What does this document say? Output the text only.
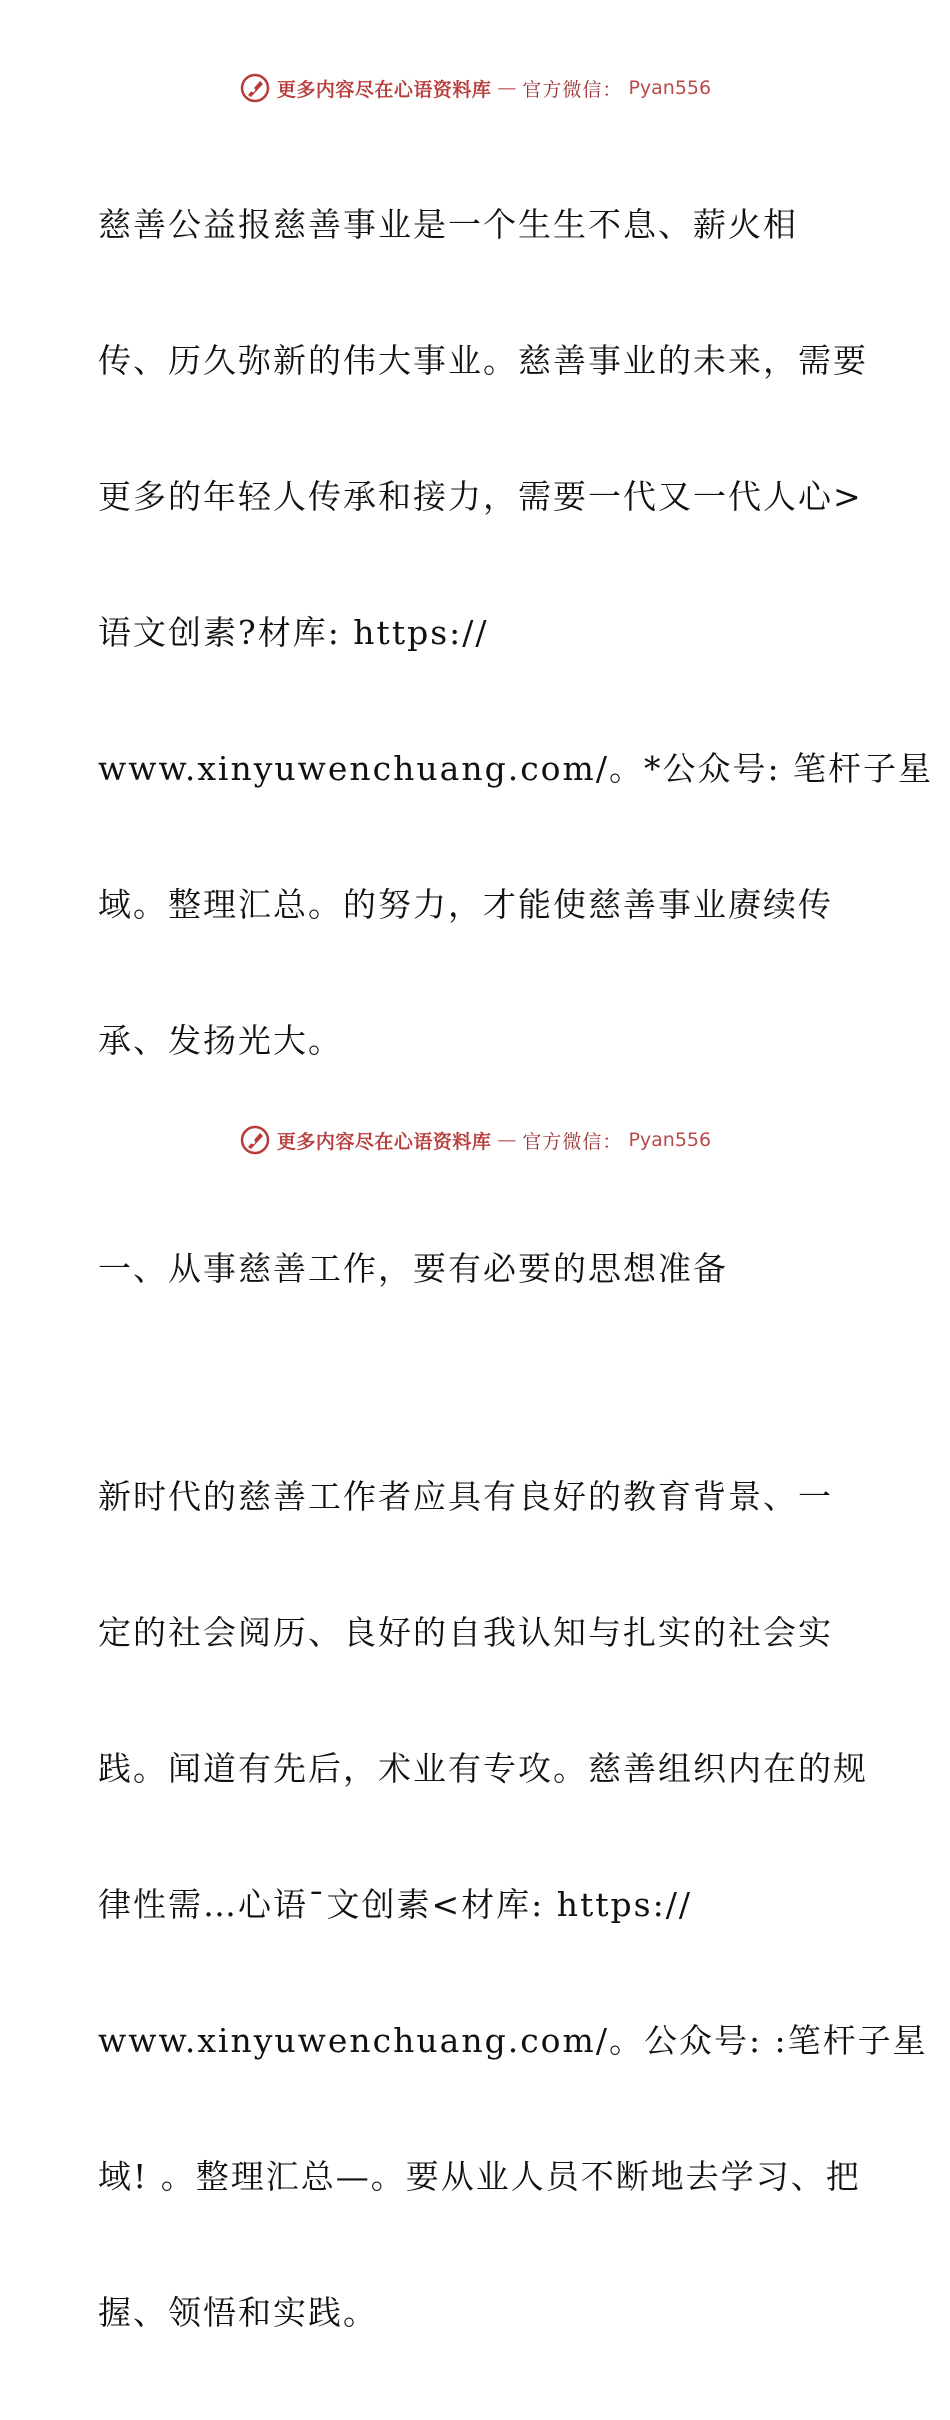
更多内容尽在心语资料库 — 官方微信： Pyan556

慈善公益报慈善事业是一个生生不息、薪火相

传、历久弥新的伟大事业。慈善事业的未来，需要

更多的年轻人传承和接力，需要一代又一代人心>

语文创素?材库: https://

www.xinyuwenchuang.com/。*公众号: 笔杆子星

域。整理汇总。的努力，才能使慈善事业赓续传

承、发扬光大。

一、从事慈善工作，要有必要的思想准备

新时代的慈善工作者应具有良好的教育背景、一

定的社会阅历、良好的自我认知与扎实的社会实

践。闻道有先后，术业有专攻。慈善组织内在的规

律性需…心语¯文创素<材库: https://

www.xinyuwenchuang.com/。公众号: :笔杆子星

域! 。整理汇总—。要从业人员不断地去学习、把

握、领悟和实践。

更多内容尽在心语资料库 — 官方微信： Pyan556
